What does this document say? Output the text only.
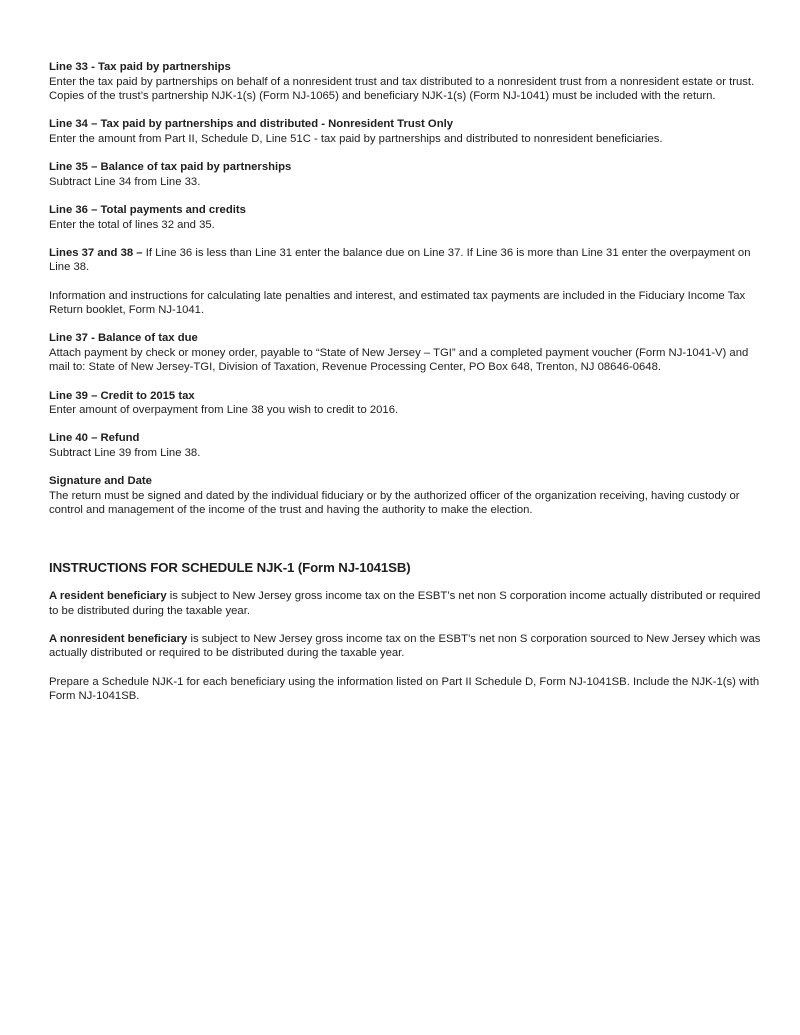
Line 33 - Tax paid by partnerships
Enter the tax paid by partnerships on behalf of a nonresident trust and tax distributed to a nonresident trust from a nonresident estate or trust. Copies of the trust’s partnership NJK-1(s) (Form NJ-1065) and beneficiary NJK-1(s) (Form NJ-1041) must be included with the return.
Line 34 – Tax paid by partnerships and distributed - Nonresident Trust Only
Enter the amount from Part II, Schedule D, Line 51C - tax paid by partnerships and distributed to nonresident beneficiaries.
Line 35 – Balance of tax paid by partnerships
Subtract Line 34 from Line 33.
Line 36 – Total payments and credits
Enter the total of lines 32 and 35.
Lines 37 and 38 – If Line 36 is less than Line 31 enter the balance due on Line 37. If Line 36 is more than Line 31 enter the overpayment on Line 38.
Information and instructions for calculating late penalties and interest, and estimated tax payments are included in the Fiduciary Income Tax Return booklet, Form NJ-1041.
Line 37 - Balance of tax due
Attach payment by check or money order, payable to “State of New Jersey – TGI” and a completed payment voucher (Form NJ-1041-V) and mail to: State of New Jersey-TGI, Division of Taxation, Revenue Processing Center, PO Box 648, Trenton, NJ 08646-0648.
Line 39 – Credit to 2015 tax
Enter amount of overpayment from Line 38 you wish to credit to 2016.
Line 40 – Refund
Subtract Line 39 from Line 38.
Signature and Date
The return must be signed and dated by the individual fiduciary or by the authorized officer of the organization receiving, having custody or control and management of the income of the trust and having the authority to make the election.
INSTRUCTIONS FOR SCHEDULE NJK-1 (Form NJ-1041SB)

A resident beneficiary is subject to New Jersey gross income tax on the ESBT’s net non S corporation income actually distributed or required to be distributed during the taxable year.

A nonresident beneficiary is subject to New Jersey gross income tax on the ESBT’s net non S corporation sourced to New Jersey which was actually distributed or required to be distributed during the taxable year.

Prepare a Schedule NJK-1 for each beneficiary using the information listed on Part II Schedule D, Form NJ-1041SB. Include the NJK-1(s) with Form NJ-1041SB.
